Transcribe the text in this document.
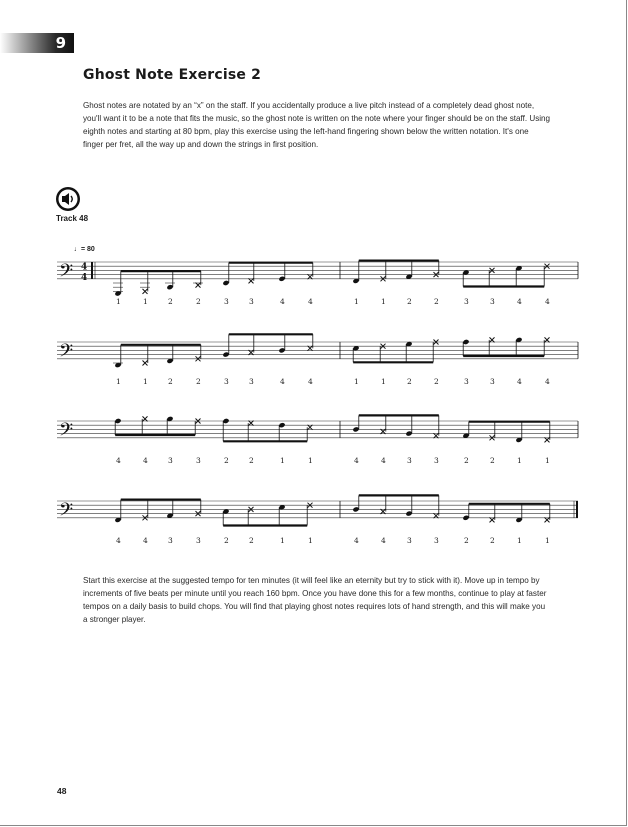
9
Ghost Note Exercise 2
Ghost notes are notated by an “x” on the staff. If you accidentally produce a live pitch instead of a completely dead ghost note, you'll want it to be a note that fits the music, so the ghost note is written on the note where your finger should be on the staff. Using eighth notes and starting at 80 bpm, play this exercise using the left-hand fingering shown below the written notation. It's one finger per fret, all the way up and down the strings in first position.
Track 48
♩= 80
𝄢 4
4
𝄢
𝄢
𝄢
1	1	2	2	3	3	4	4	1	1	2	2	3	3	4	4
1	1	2	2	3	3	4	4	1	1	2	2	3	3	4	4
4	4	3	3	2	2	1	1	4	4	3	3	2	2	1	1
4	4	3	3	2	2	1	1	4	4	3	3	2	2	1	1
Start this exercise at the suggested tempo for ten minutes (it will feel like an eternity but try to stick with it). Move up in tempo by increments of five beats per minute until you reach 160 bpm. Once you have done this for a few months, continue to play at faster tempos on a daily basis to build chops. You will find that playing ghost notes requires lots of hand strength, and this will make you a stronger player.
48
